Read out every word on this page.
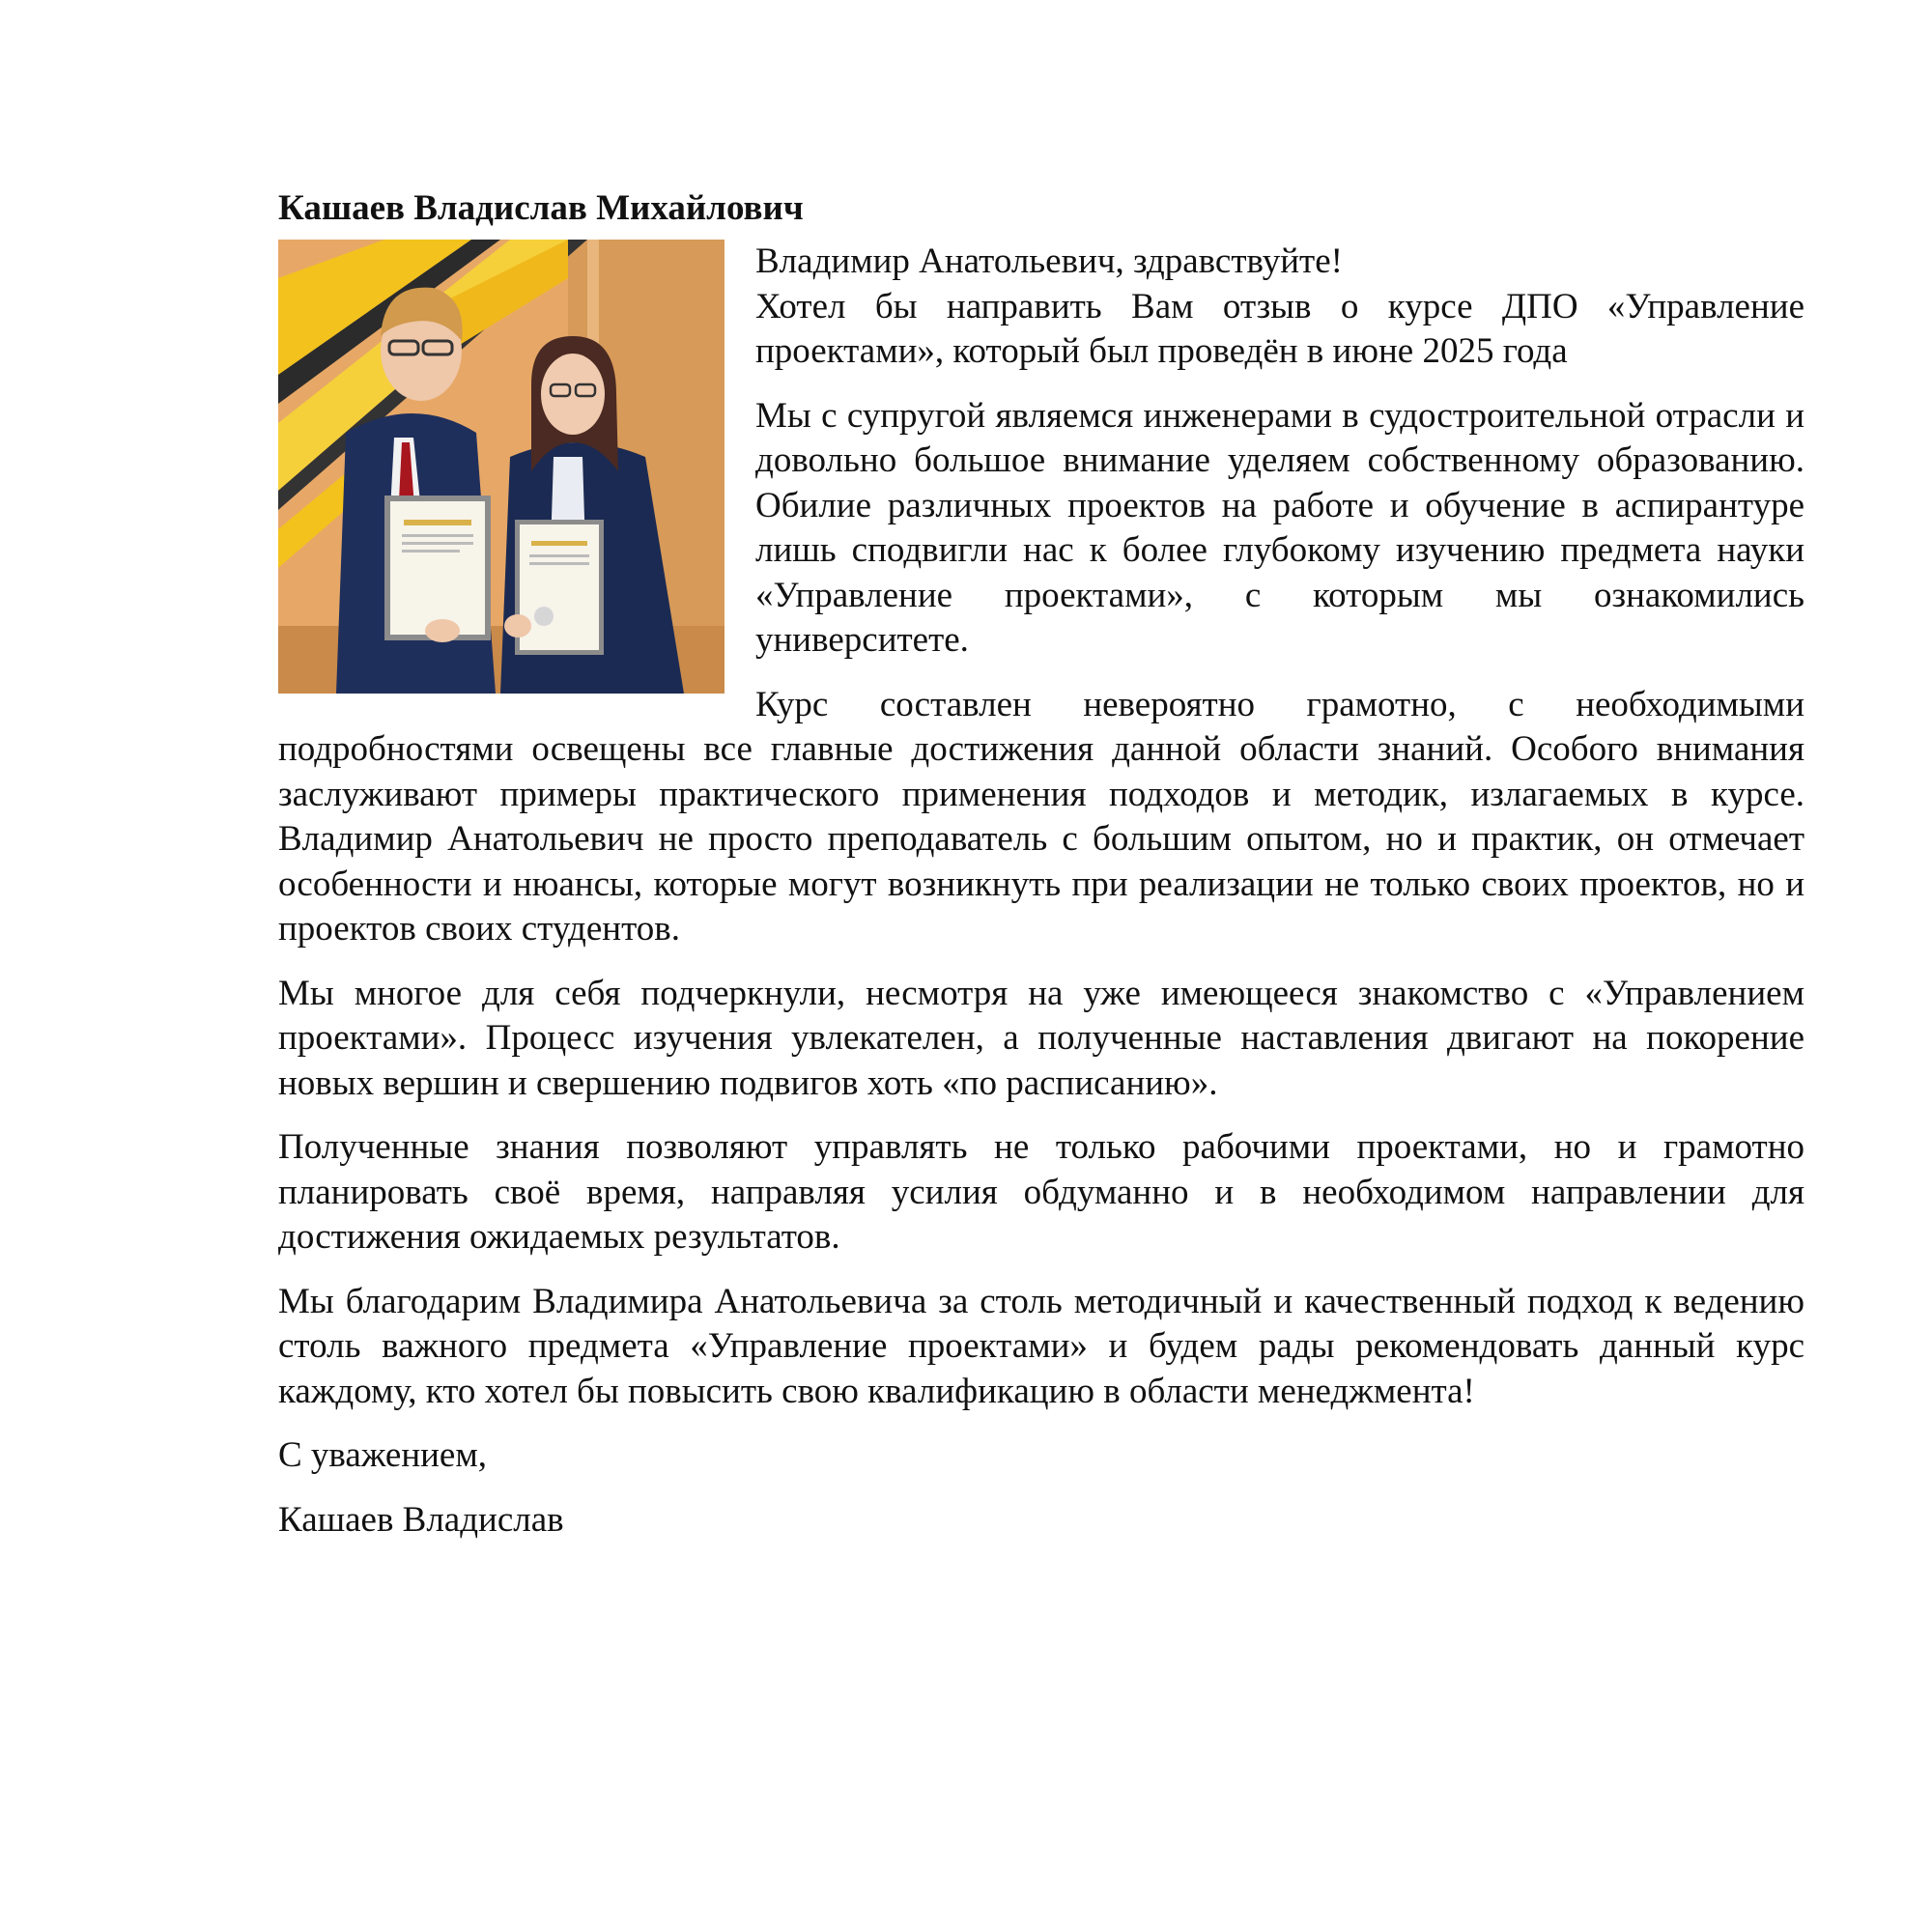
Кашаев Владислав Михайлович

Владимир Анатольевич, здравствуйте!

Хотел бы направить Вам отзыв о курсе ДПО «Управление проектами», который был проведён в июне 2025 года

Мы с супругой являемся инженерами в судостроительной отрасли и довольно большое внимание уделяем собственному образованию. Обилие различных проектов на работе и обучение в аспирантуре лишь сподвигли нас к более глубокому изучению предмета науки «Управление проектами», с которым мы ознакомились университете.

Курс составлен невероятно грамотно, с необходимыми подробностями освещены все главные достижения данной области знаний. Особого внимания заслуживают примеры практического применения подходов и методик, излагаемых в курсе. Владимир Анатольевич не просто преподаватель с большим опытом, но и практик, он отмечает особенности и нюансы, которые могут возникнуть при реализации не только своих проектов, но и проектов своих студентов.

Мы многое для себя подчеркнули, несмотря на уже имеющееся знакомство с «Управлением проектами». Процесс изучения увлекателен, а полученные наставления двигают на покорение новых вершин и свершению подвигов хоть «по расписанию».

Полученные знания позволяют управлять не только рабочими проектами, но и грамотно планировать своё время, направляя усилия обдуманно и в необходимом направлении для достижения ожидаемых результатов.

Мы благодарим Владимира Анатольевича за столь методичный и качественный подход к ведению столь важного предмета «Управление проектами» и будем рады рекомендовать данный курс каждому, кто хотел бы повысить свою квалификацию в области менеджмента!

С уважением,

Кашаев Владислав
